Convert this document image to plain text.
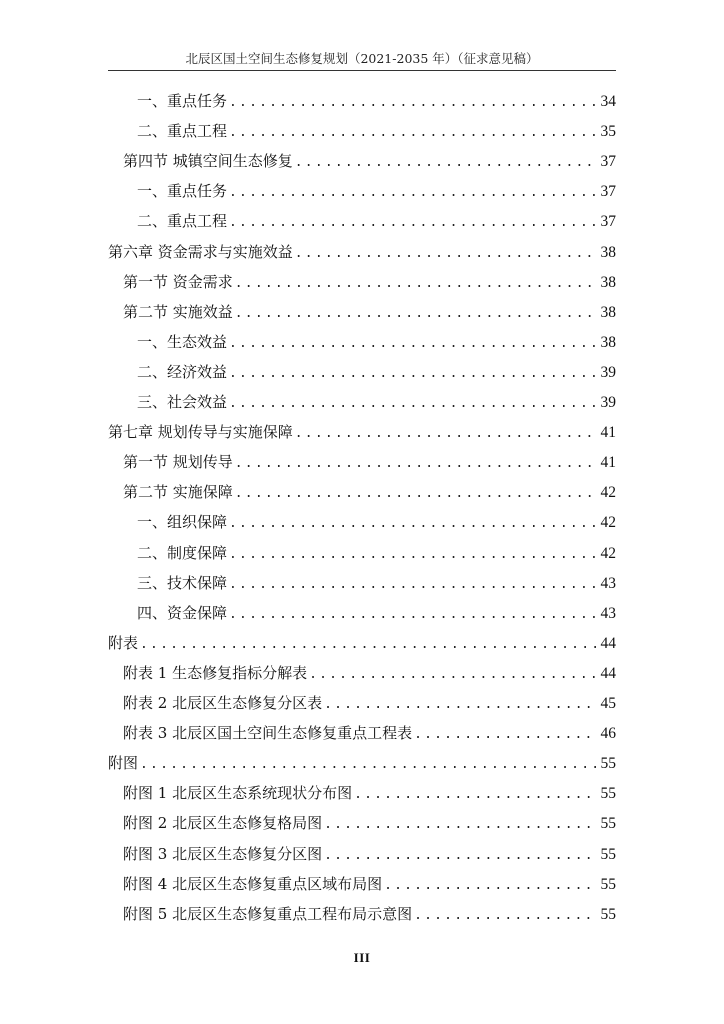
北辰区国土空间生态修复规划（2021-2035 年）（征求意见稿）
一、重点任务 .....	34
二、重点工程 .....	35
第四节 城镇空间生态修复 .....	37
一、重点任务 .....	37
二、重点工程 .....	37
第六章 资金需求与实施效益 .....	38
第一节 资金需求 .....	38
第二节 实施效益 .....	38
一、生态效益 .....	38
二、经济效益 .....	39
三、社会效益 .....	39
第七章 规划传导与实施保障 .....	41
第一节 规划传导 .....	41
第二节 实施保障 .....	42
一、组织保障 .....	42
二、制度保障 .....	42
三、技术保障 .....	43
四、资金保障 .....	43
附表 .....	44
附表 1 生态修复指标分解表 .....	44
附表 2 北辰区生态修复分区表 .....	45
附表 3 北辰区国土空间生态修复重点工程表 .....	46
附图 .....	55
附图 1 北辰区生态系统现状分布图 .....	55
附图 2 北辰区生态修复格局图 .....	55
附图 3 北辰区生态修复分区图 .....	55
附图 4 北辰区生态修复重点区域布局图 .....	55
附图 5 北辰区生态修复重点工程布局示意图 .....	55
III
